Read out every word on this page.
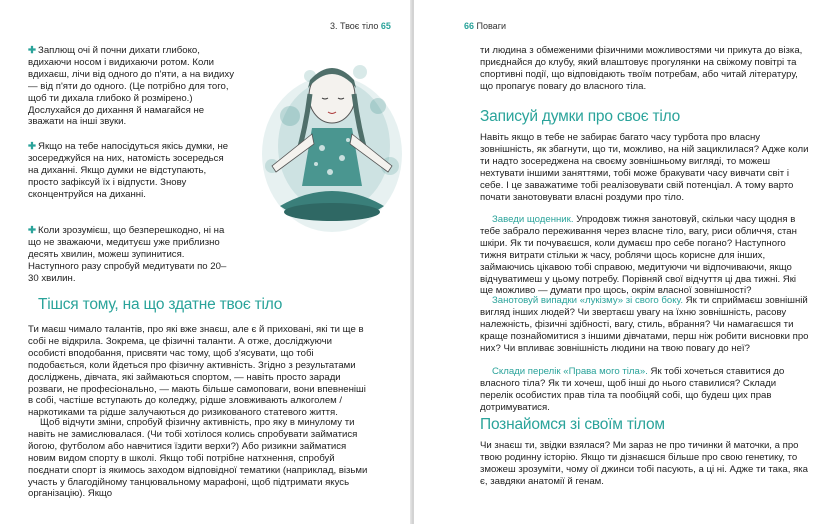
3. Твоє тіло 65

✚ Заплющ очі й почни дихати глибоко, вдихаючи носом і видихаючи ротом. Коли вдихаєш, лічи від одного до п'яти, а на видиху — від п'яти до одного. (Це потрібно для того, щоб ти дихала глибоко й розмірено.) Дослухайся до дихання й намагайся не зважати на інші звуки.

✚ Якщо на тебе напосідуться якісь думки, не зосереджуйся на них, натомість зосередься на диханні. Якщо думки не відступають, просто зафіксуй їх і відпусти. Знову сконцентруйся на диханні.

✚ Коли зрозумієш, що безперешкодно, ні на що не зважаючи, медитуєш уже приблизно десять хвилин, можеш зупинитися. Наступного разу спробуй медитувати по 20–30 хвилин.

Тішся тому, на що здатне твоє тіло

Ти маєш чимало талантів, про які вже знаєш, але є й приховані, які ти ще в собі не відкрила. Зокрема, це фізичні таланти. А отже, досліджуючи особисті вподобання, присвяти час тому, щоб з'ясувати, що тобі подобається, коли йдеться про фізичну активність. Згідно з результатами досліджень, дівчата, які займаються спортом, — навіть просто заради розваги, не професіонально, — мають більше самоповаги, вони впевненіші в собі, частіше вступають до коледжу, рідше зловживають алкоголем / наркотиками та рідше залучаються до ризикованого статевого життя.

Щоб відчути зміни, спробуй фізичну активність, про яку в минулому ти навіть не замислювалася. (Чи тобі хотілося колись спробувати займатися йогою, футболом або навчитися їздити верхи?) Або ризикни займатися новим видом спорту в школі. Якщо тобі потрібне натхнення, спробуй поєднати спорт із якимось заходом відповідної тематики (наприклад, візьми участь у благодійному танцювальному марафоні, щоб підтримати якусь організацію). Якщо

66 Поваги

ти людина з обмеженими фізичними можливостями чи прикута до візка, приєднайся до клубу, який влаштовує прогулянки на свіжому повітрі та спортивні події, що відповідають твоїм потребам, або читай літературу, що пропагує повагу до власного тіла.

Записуй думки про своє тіло

Навіть якщо в тебе не забирає багато часу турбота про власну зовнішність, як збагнути, що ти, можливо, на ній зациклилася? Адже коли ти надто зосереджена на своєму зовнішньому вигляді, то можеш нехтувати іншими заняттями, тобі може бракувати часу вивчати світ і себе. І це заважатиме тобі реалізовувати свій потенціал. А тому варто почати занотовувати власні роздуми про тіло.

Заведи щоденник. Упродовж тижня занотовуй, скільки часу щодня в тебе забрало переживання через власне тіло, вагу, риси обличчя, стан шкіри. Як ти почуваєшся, коли думаєш про себе погано? Наступного тижня витрати стільки ж часу, роблячи щось корисне для інших, займаючись цікавою тобі справою, медитуючи чи відпочиваючи, якщо відчуватимеш у цьому потребу. Порівняй свої відчуття ці два тижні. Які ще можливо — думати про щось, окрім власної зовнішності?

Занотовуй випадки «лукізму» зі свого боку. Як ти сприймаєш зовнішній вигляд інших людей? Чи звертаєш увагу на їхню зовнішність, расову належність, фізичні здібності, вагу, стиль, вбрання? Чи намагаєшся ти краще познайомитися з іншими дівчатами, перш ніж робити висновки про них? Чи впливає зовнішність людини на твою повагу до неї?

Склади перелік «Права мого тіла». Як тобі хочеться ставитися до власного тіла? Як ти хочеш, щоб інші до нього ставилися? Склади перелік особистих прав тіла та пообіцяй собі, що будеш цих прав дотримуватися.

Познайомся зі своїм тілом

Чи знаєш ти, звідки взялася? Ми зараз не про тичинки й маточки, а про твою родинну історію. Якщо ти дізнаєшся більше про свою генетику, то зможеш зрозуміти, чому ої джинси тобі пасують, а ці ні. Адже ти така, яка є, завдяки анатомії й генам.
